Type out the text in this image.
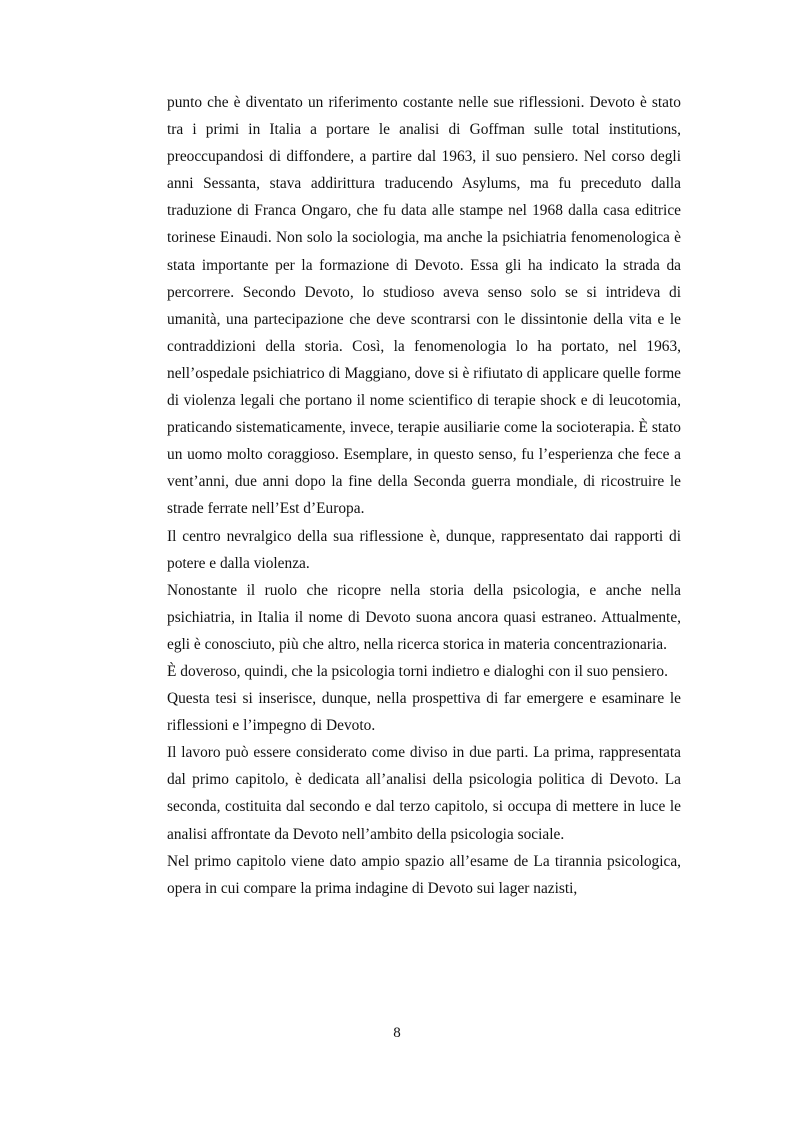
punto che è diventato un riferimento costante nelle sue riflessioni. Devoto è stato tra i primi in Italia a portare le analisi di Goffman sulle total institutions, preoccupandosi di diffondere, a partire dal 1963, il suo pensiero. Nel corso degli anni Sessanta, stava addirittura traducendo Asylums, ma fu preceduto dalla traduzione di Franca Ongaro, che fu data alle stampe nel 1968 dalla casa editrice torinese Einaudi. Non solo la sociologia, ma anche la psichiatria fenomenologica è stata importante per la formazione di Devoto. Essa gli ha indicato la strada da percorrere. Secondo Devoto, lo studioso aveva senso solo se si intrideva di umanità, una partecipazione che deve scontrarsi con le dissintonie della vita e le contraddizioni della storia. Così, la fenomenologia lo ha portato, nel 1963, nell’ospedale psichiatrico di Maggiano, dove si è rifiutato di applicare quelle forme di violenza legali che portano il nome scientifico di terapie shock e di leucotomia, praticando sistematicamente, invece, terapie ausiliarie come la socioterapia. È stato un uomo molto coraggioso. Esemplare, in questo senso, fu l’esperienza che fece a vent’anni, due anni dopo la fine della Seconda guerra mondiale, di ricostruire le strade ferrate nell’Est d’Europa.

Il centro nevralgico della sua riflessione è, dunque, rappresentato dai rapporti di potere e dalla violenza.

Nonostante il ruolo che ricopre nella storia della psicologia, e anche nella psichiatria, in Italia il nome di Devoto suona ancora quasi estraneo. Attualmente, egli è conosciuto, più che altro, nella ricerca storica in materia concentrazionaria.

È doveroso, quindi, che la psicologia torni indietro e dialoghi con il suo pensiero.

Questa tesi si inserisce, dunque, nella prospettiva di far emergere e esaminare le riflessioni e l’impegno di Devoto.

Il lavoro può essere considerato come diviso in due parti. La prima, rappresentata dal primo capitolo, è dedicata all’analisi della psicologia politica di Devoto. La seconda, costituita dal secondo e dal terzo capitolo, si occupa di mettere in luce le analisi affrontate da Devoto nell’ambito della psicologia sociale.

Nel primo capitolo viene dato ampio spazio all’esame de La tirannia psicologica, opera in cui compare la prima indagine di Devoto sui lager nazisti,

8
